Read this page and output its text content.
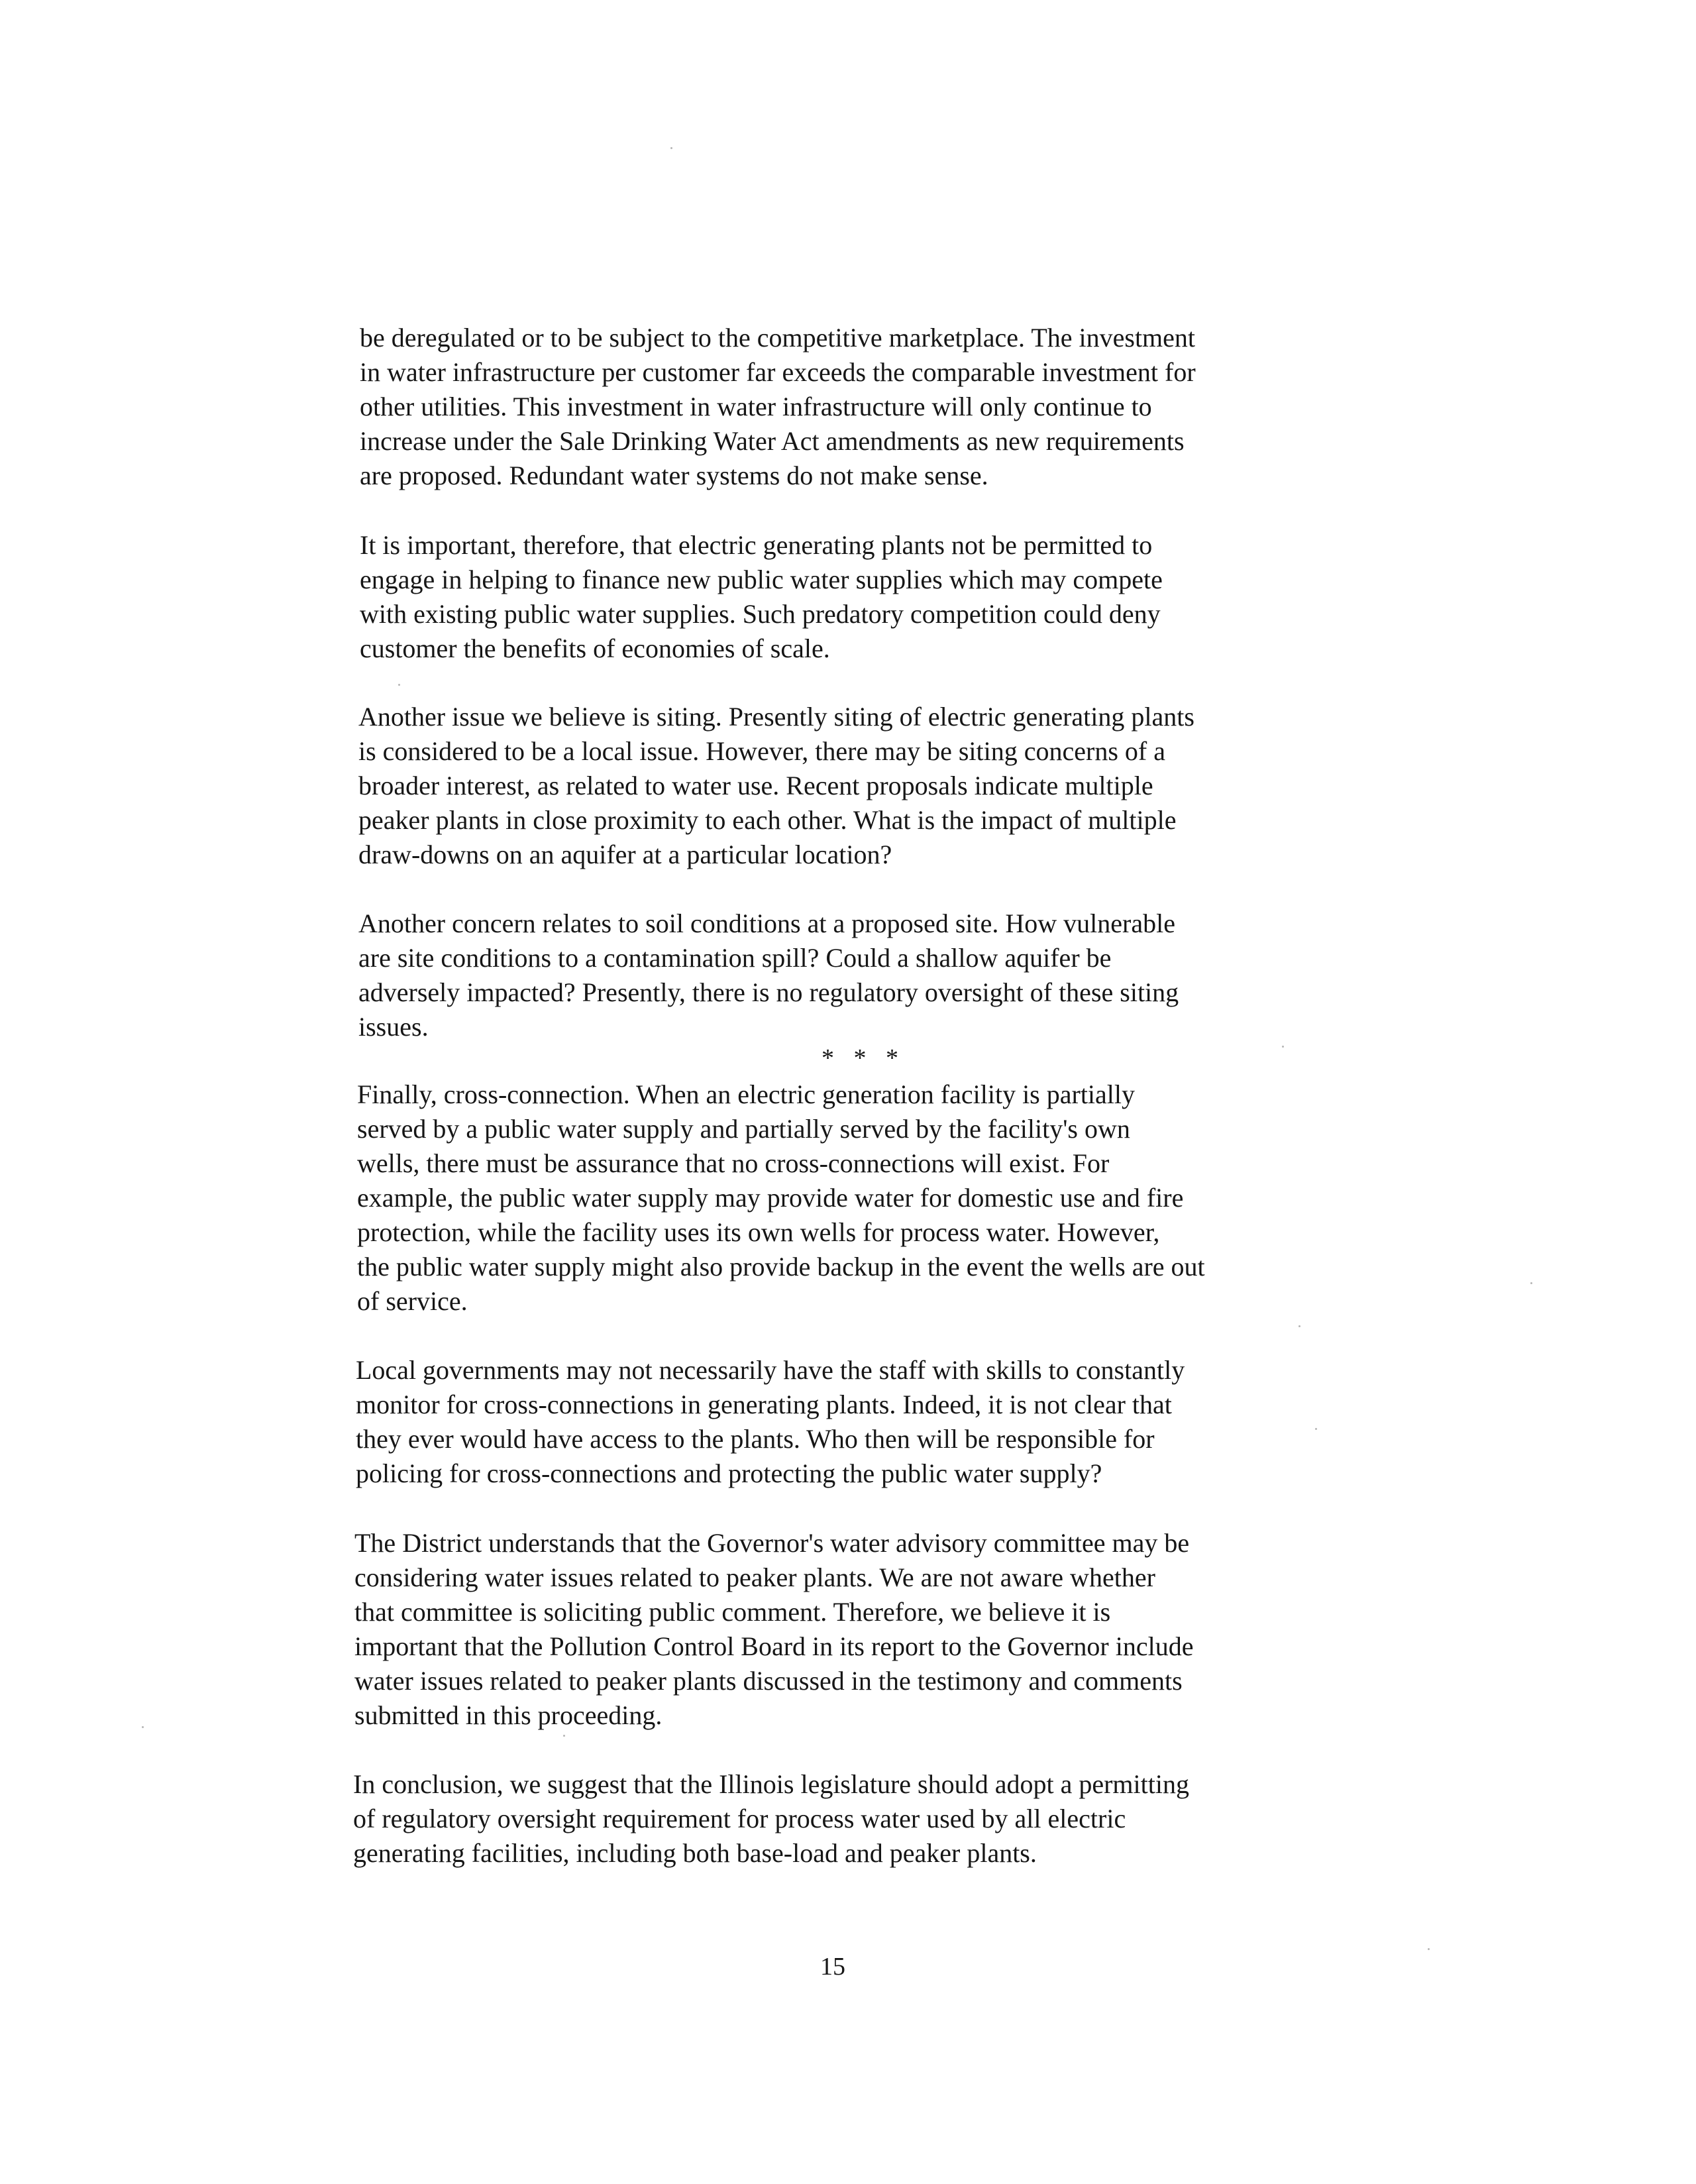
be deregulated or to be subject to the competitive marketplace. The investment
in water infrastructure per customer far exceeds the comparable investment for
other utilities. This investment in water infrastructure will only continue to
increase under the Sale Drinking Water Act amendments as new requirements
are proposed. Redundant water systems do not make sense.
It is important, therefore, that electric generating plants not be permitted to
engage in helping to finance new public water supplies which may compete
with existing public water supplies. Such predatory competition could deny
customer the benefits of economies of scale.
Another issue we believe is siting. Presently siting of electric generating plants
is considered to be a local issue. However, there may be siting concerns of a
broader interest, as related to water use. Recent proposals indicate multiple
peaker plants in close proximity to each other. What is the impact of multiple
draw-downs on an aquifer at a particular location?
Another concern relates to soil conditions at a proposed site. How vulnerable
are site conditions to a contamination spill? Could a shallow aquifer be
adversely impacted? Presently, there is no regulatory oversight of these siting
issues.
* * *
Finally, cross-connection. When an electric generation facility is partially
served by a public water supply and partially served by the facility's own
wells, there must be assurance that no cross-connections will exist. For
example, the public water supply may provide water for domestic use and fire
protection, while the facility uses its own wells for process water. However,
the public water supply might also provide backup in the event the wells are out
of service.
Local governments may not necessarily have the staff with skills to constantly
monitor for cross-connections in generating plants. Indeed, it is not clear that
they ever would have access to the plants. Who then will be responsible for
policing for cross-connections and protecting the public water supply?
The District understands that the Governor's water advisory committee may be
considering water issues related to peaker plants. We are not aware whether
that committee is soliciting public comment. Therefore, we believe it is
important that the Pollution Control Board in its report to the Governor include
water issues related to peaker plants discussed in the testimony and comments
submitted in this proceeding.
In conclusion, we suggest that the Illinois legislature should adopt a permitting
of regulatory oversight requirement for process water used by all electric
generating facilities, including both base-load and peaker plants.
15
